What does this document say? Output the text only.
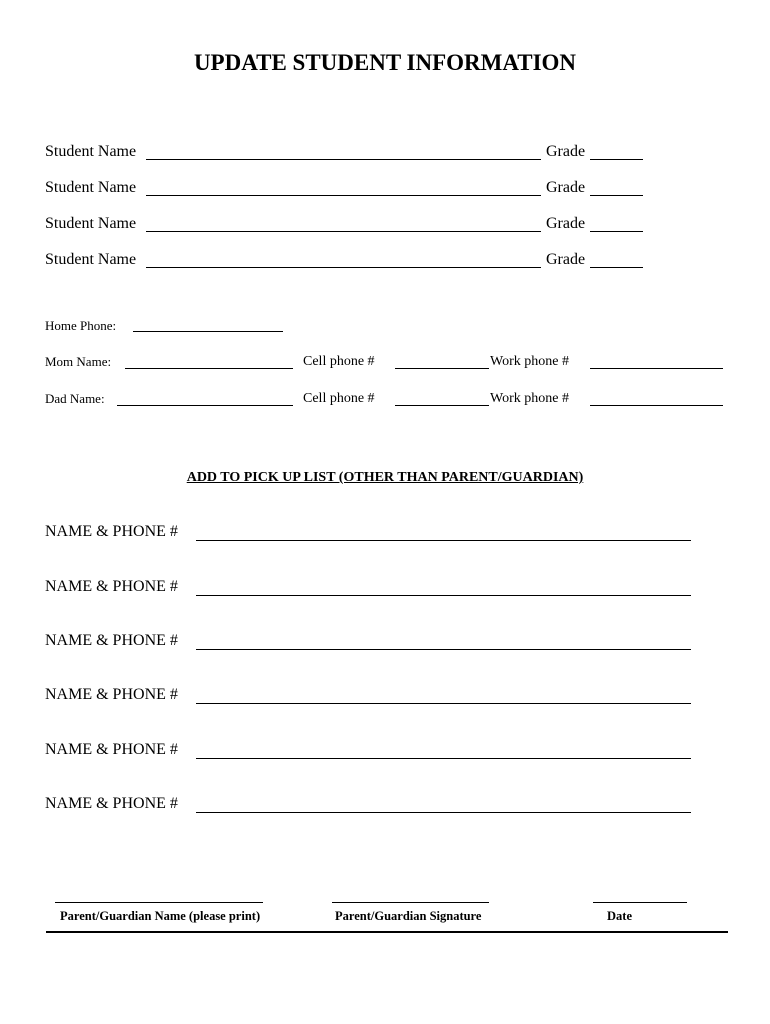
UPDATE STUDENT INFORMATION
Student Name	Grade
Student Name	Grade
Student Name	Grade
Student Name	Grade
Home Phone:
Mom Name:	Cell phone #	Work phone #
Dad Name:	Cell phone #	Work phone #
ADD TO PICK UP LIST (OTHER THAN PARENT/GUARDIAN)
NAME & PHONE #
NAME & PHONE #
NAME & PHONE #
NAME & PHONE #
NAME & PHONE #
NAME & PHONE #
Parent/Guardian Name (please print)	Parent/Guardian Signature	Date
